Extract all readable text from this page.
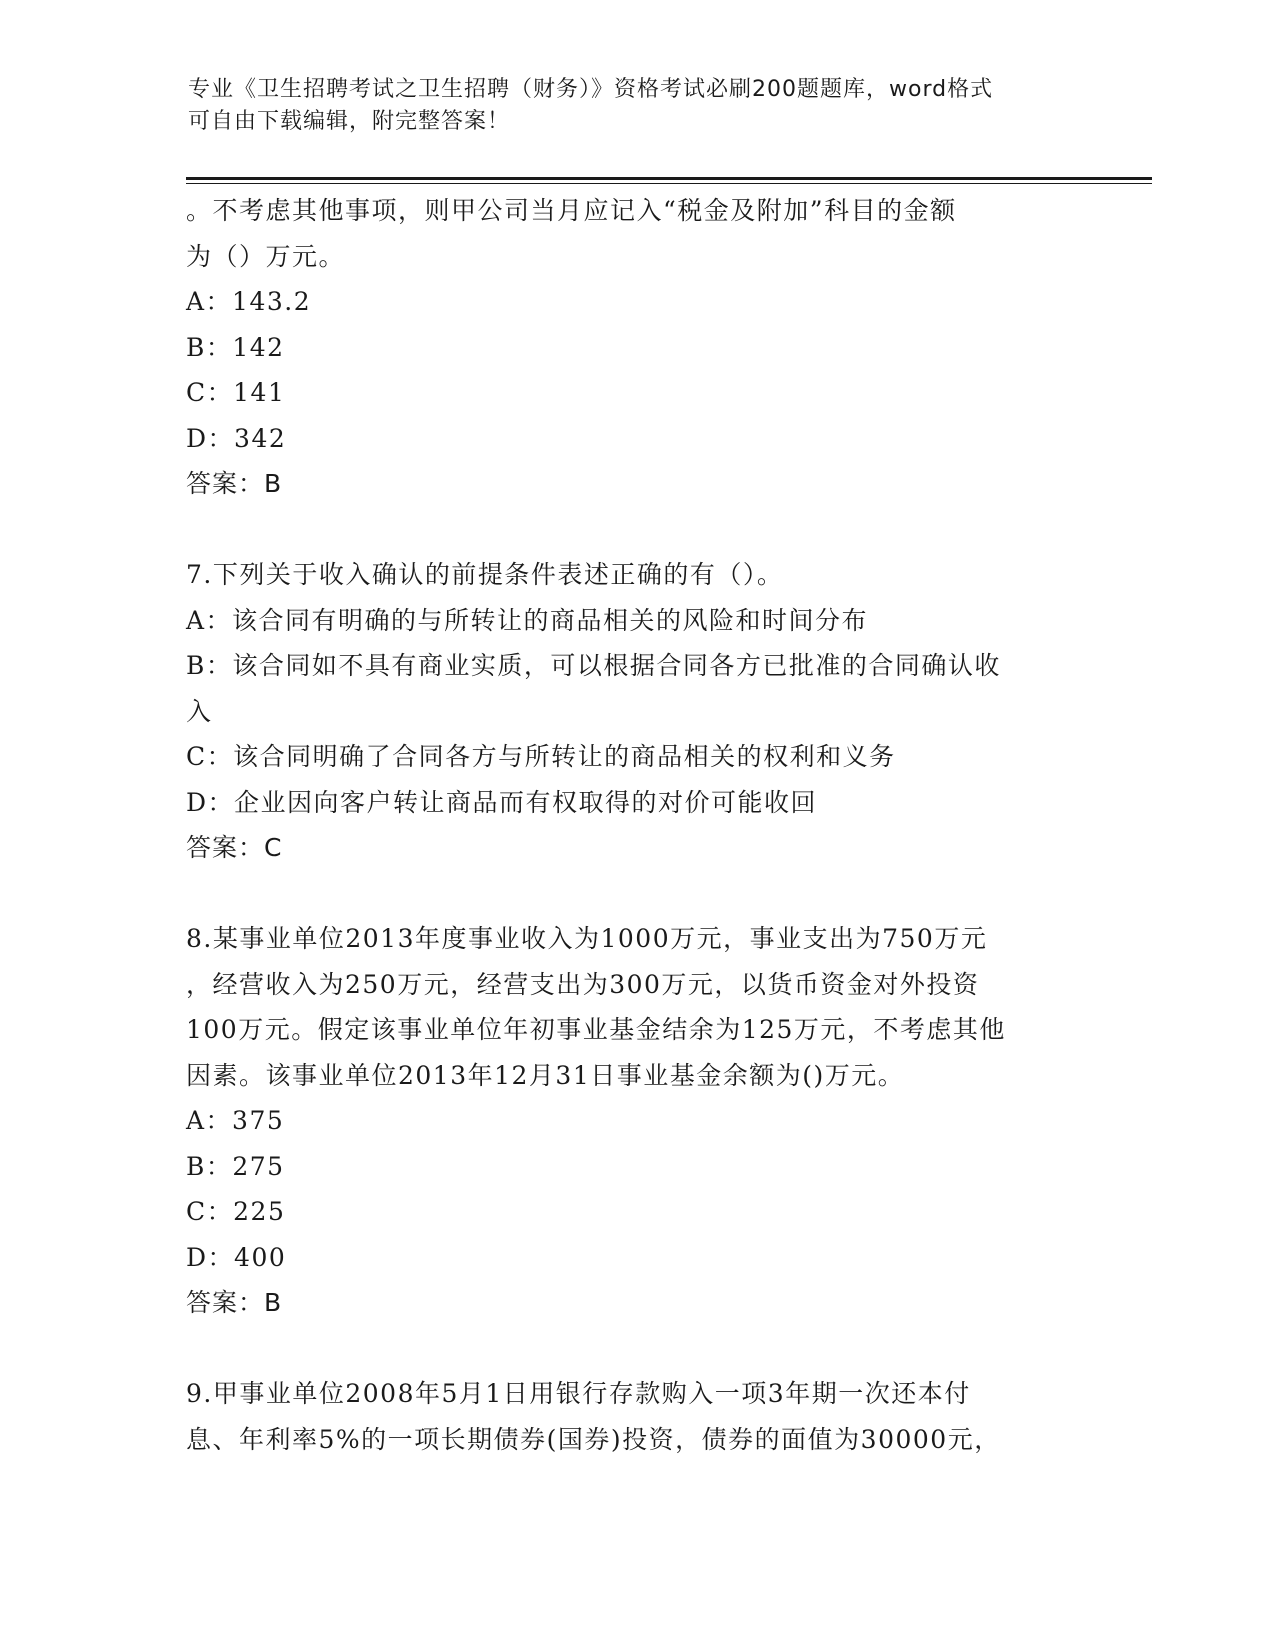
专业《卫生招聘考试之卫生招聘（财务）》资格考试必刷200题题库，word格式
可自由下载编辑，附完整答案！
。不考虑其他事项，则甲公司当月应记入“税金及附加”科目的金额
为（）万元。
A：143.2
B：142
C：141
D：342
答案：B
7.下列关于收入确认的前提条件表述正确的有（）。
A：该合同有明确的与所转让的商品相关的风险和时间分布
B：该合同如不具有商业实质，可以根据合同各方已批准的合同确认收
入
C：该合同明确了合同各方与所转让的商品相关的权利和义务
D：企业因向客户转让商品而有权取得的对价可能收回
答案：C
8.某事业单位2013年度事业收入为1000万元，事业支出为750万元
，经营收入为250万元，经营支出为300万元，以货币资金对外投资
100万元。假定该事业单位年初事业基金结余为125万元，不考虑其他
因素。该事业单位2013年12月31日事业基金余额为()万元。
A：375
B：275
C：225
D：400
答案：B
9.甲事业单位2008年5月1日用银行存款购入一项3年期一次还本付
息、年利率5%的一项长期债券(国券)投资，债券的面值为30000元，
